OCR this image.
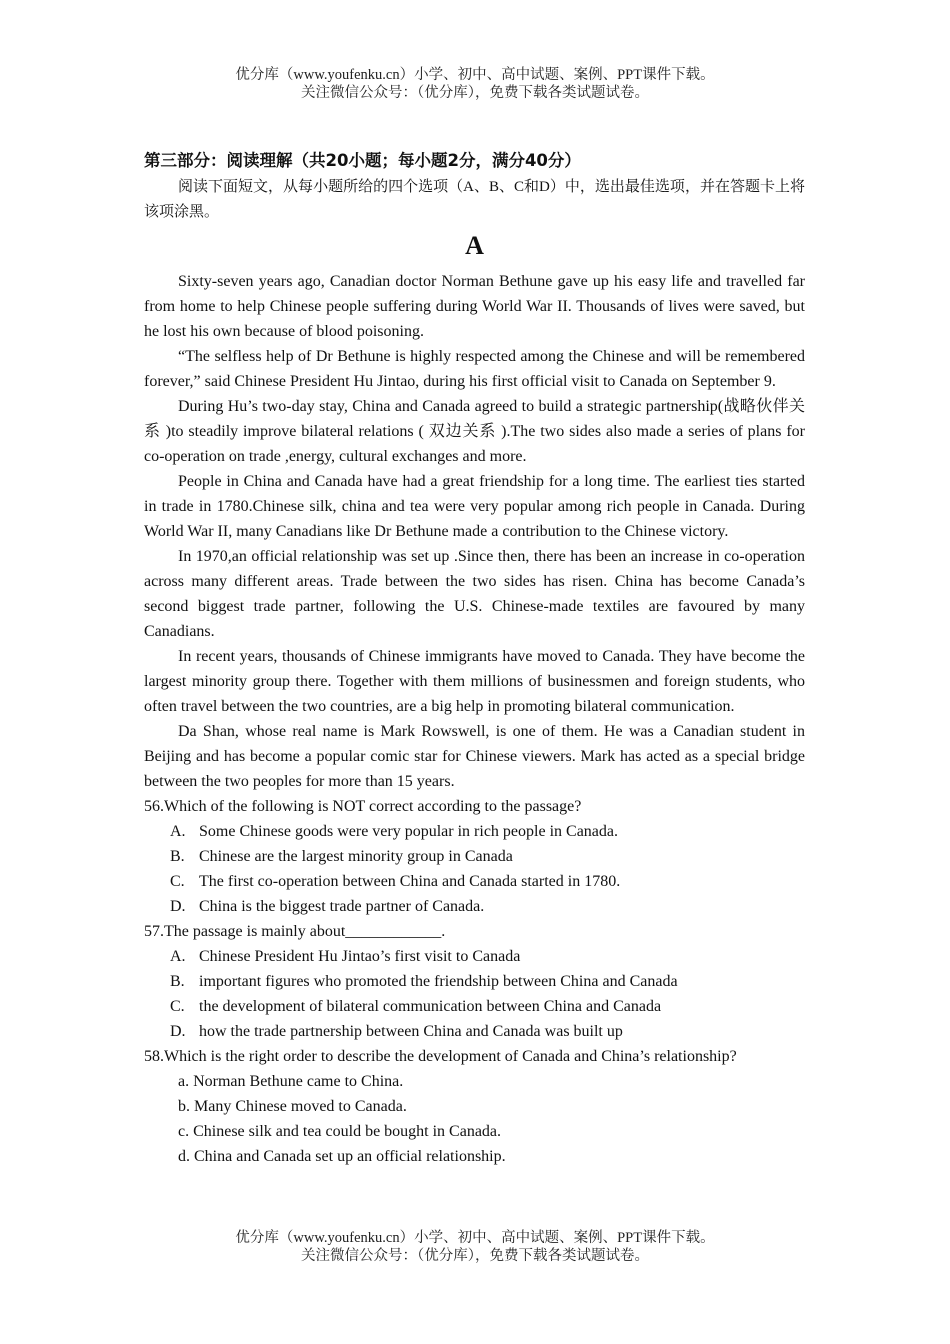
优分库（www.youfenku.cn）小学、初中、高中试题、案例、PPT课件下载。
关注微信公众号：（优分库），免费下载各类试题试卷。
第三部分：阅读理解（共20小题；每小题2分，满分40分）

阅读下面短文，从每小题所给的四个选项（A、B、C和D）中，选出最佳选项，并在答题卡上将该项涂黑。

A

Sixty-seven years ago, Canadian doctor Norman Bethune gave up his easy life and travelled far from home to help Chinese people suffering during World War II. Thousands of lives were saved, but he lost his own because of blood poisoning.

“The selfless help of Dr Bethune is highly respected among the Chinese and will be remembered forever,” said Chinese President Hu Jintao, during his first official visit to Canada on September 9.

During Hu’s two-day stay, China and Canada agreed to build a strategic partnership(战略伙伴关系 )to steadily improve bilateral relations ( 双边关系 ).The two sides also made a series of plans for co-operation on trade ,energy, cultural exchanges and more.

People in China and Canada have had a great friendship for a long time. The earliest ties started in trade in 1780.Chinese silk, china and tea were very popular among rich people in Canada. During World War II, many Canadians like Dr Bethune made a contribution to the Chinese victory.

In 1970,an official relationship was set up .Since then, there has been an increase in co-operation across many different areas. Trade between the two sides has risen. China has become Canada’s second biggest trade partner, following the U.S. Chinese-made textiles are favoured by many Canadians.

In recent years, thousands of Chinese immigrants have moved to Canada. They have become the largest minority group there. Together with them millions of businessmen and foreign students, who often travel between the two countries, are a big help in promoting bilateral communication.

Da Shan, whose real name is Mark Rowswell, is one of them. He was a Canadian student in Beijing and has become a popular comic star for Chinese viewers. Mark has acted as a special bridge between the two peoples for more than 15 years.

56.Which of the following is NOT correct according to the passage?

A. Some Chinese goods were very popular in rich people in Canada.

B. Chinese are the largest minority group in Canada

C. The first co-operation between China and Canada started in 1780.

D. China is the biggest trade partner of Canada.

57.The passage is mainly about____________.

A. Chinese President Hu Jintao’s first visit to Canada

B. important figures who promoted the friendship between China and Canada

C. the development of bilateral communication between China and Canada

D. how the trade partnership between China and Canada was built up

58.Which is the right order to describe the development of Canada and China’s relationship?

a. Norman Bethune came to China.

b. Many Chinese moved to Canada.

c. Chinese silk and tea could be bought in Canada.

d. China and Canada set up an official relationship.

优分库（www.youfenku.cn）小学、初中、高中试题、案例、PPT课件下载。
关注微信公众号：（优分库），免费下载各类试题试卷。
